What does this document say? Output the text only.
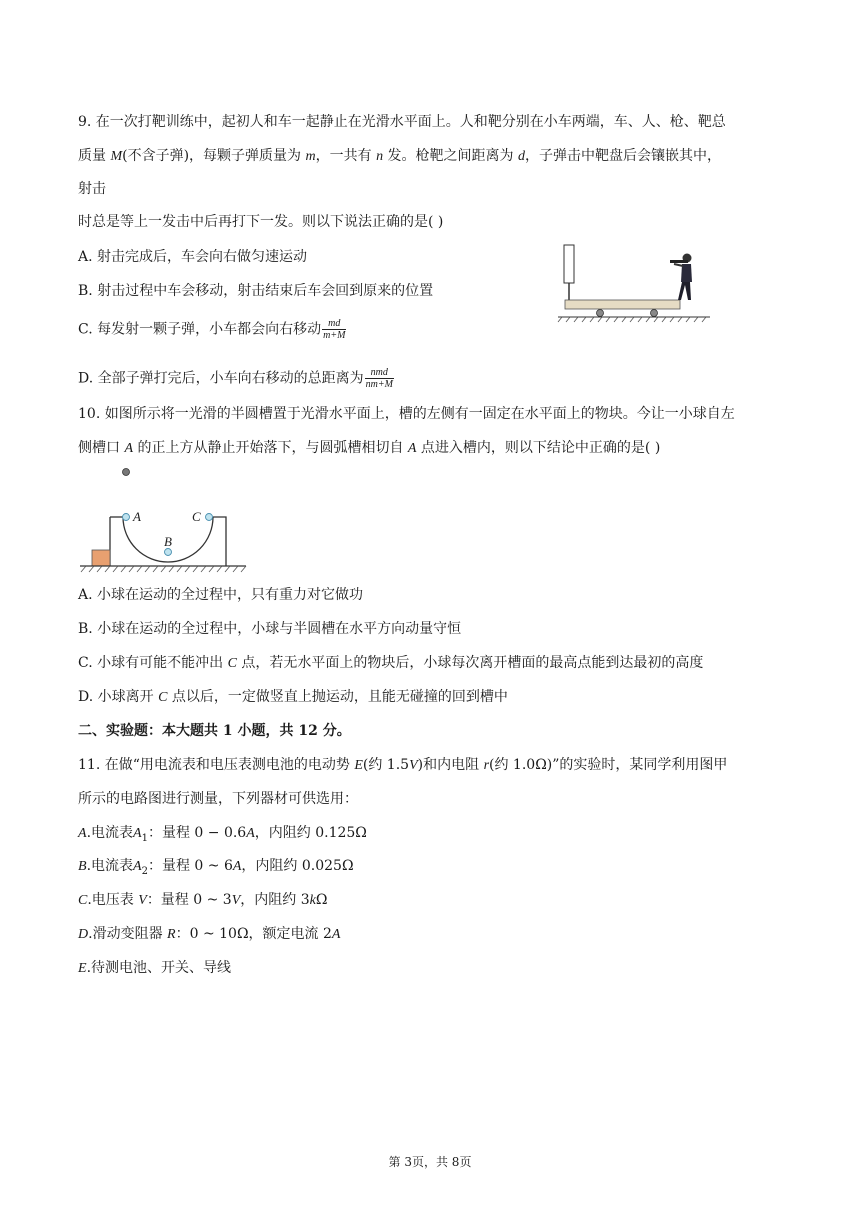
9. 在一次打靶训练中，起初人和车一起静止在光滑水平面上。人和靶分别在小车两端，车、人、枪、靶总
质量 M(不含子弹)，每颗子弹质量为 m，一共有 n 发。枪靶之间距离为 d，子弹击中靶盘后会镶嵌其中，
射击
时总是等上一发击中后再打下一发。则以下说法正确的是( )
A. 射击完成后，车会向右做匀速运动
B. 射击过程中车会移动，射击结束后车会回到原来的位置
C. 每发射一颗子弹，小车都会向右移动 $\frac{md}{m+M}$
D. 全部子弹打完后，小车向右移动的总距离为 $\frac{\text{nmd}}{nm+M}$
10. 如图所示将一光滑的半圆槽置于光滑水平面上，槽的左侧有一固定在水平面上的物块。今让一小球自左
侧槽口 A 的正上方从静止开始落下，与圆弧槽相切自 A 点进入槽内，则以下结论中正确的是( )
A
B
C
A. 小球在运动的全过程中，只有重力对它做功
B. 小球在运动的全过程中，小球与半圆槽在水平方向动量守恒
C. 小球有可能不能冲出 C 点，若无水平面上的物块后，小球每次离开槽面的最高点能到达最初的高度
D. 小球离开 C 点以后，一定做竖直上抛运动，且能无碰撞的回到槽中
二、实验题：本大题共 1 小题，共 12 分。
11. 在做“用电流表和电压表测电池的电动势 E(约 1.5V)和内电阻 r(约 1.0Ω)”的实验时，某同学利用图甲
所示的电路图进行测量，下列器材可供选用：
A.电流表$A_1$：量程 0 − 0.6A，内阻约 0.125Ω
B.电流表$A_2$：量程 0 ~ 6A，内阻约 0.025Ω
C.电压表 V：量程 0 ~ 3V，内阻约 3kΩ
D.滑动变阻器 R：0 ~ 10Ω，额定电流 2A
E.待测电池、开关、导线
第 3页，共 8页
